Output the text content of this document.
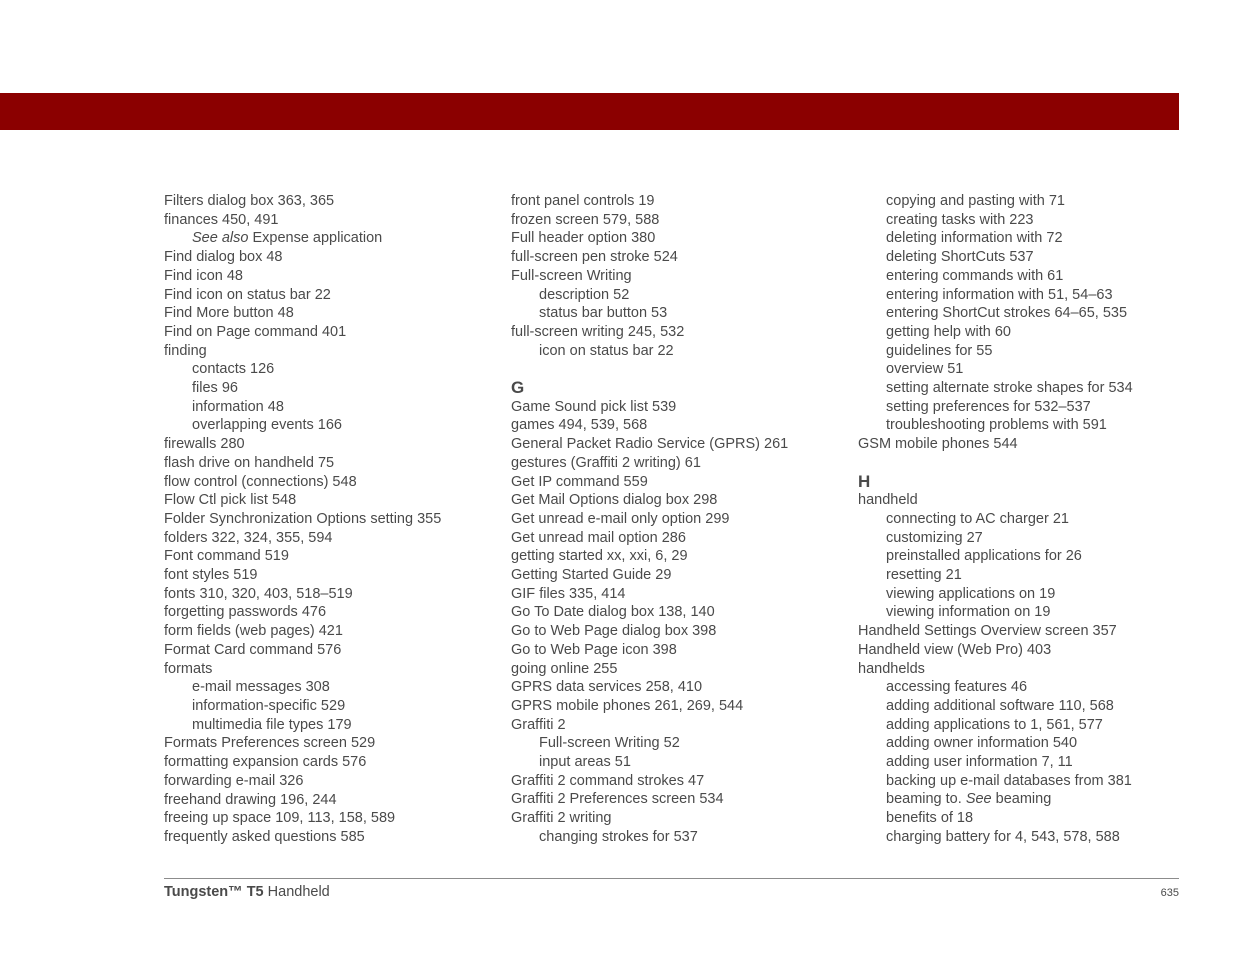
Filters dialog box 363, 365
finances 450, 491
See also Expense application
Find dialog box 48
Find icon 48
Find icon on status bar 22
Find More button 48
Find on Page command 401
finding
contacts 126
files 96
information 48
overlapping events 166
firewalls 280
flash drive on handheld 75
flow control (connections) 548
Flow Ctl pick list 548
Folder Synchronization Options setting 355
folders 322, 324, 355, 594
Font command 519
font styles 519
fonts 310, 320, 403, 518–519
forgetting passwords 476
form fields (web pages) 421
Format Card command 576
formats
e-mail messages 308
information-specific 529
multimedia file types 179
Formats Preferences screen 529
formatting expansion cards 576
forwarding e-mail 326
freehand drawing 196, 244
freeing up space 109, 113, 158, 589
frequently asked questions 585
front panel controls 19
frozen screen 579, 588
Full header option 380
full-screen pen stroke 524
Full-screen Writing
description 52
status bar button 53
full-screen writing 245, 532
icon on status bar 22
G
Game Sound pick list 539
games 494, 539, 568
General Packet Radio Service (GPRS) 261
gestures (Graffiti 2 writing) 61
Get IP command 559
Get Mail Options dialog box 298
Get unread e-mail only option 299
Get unread mail option 286
getting started xx, xxi, 6, 29
Getting Started Guide 29
GIF files 335, 414
Go To Date dialog box 138, 140
Go to Web Page dialog box 398
Go to Web Page icon 398
going online 255
GPRS data services 258, 410
GPRS mobile phones 261, 269, 544
Graffiti 2
Full-screen Writing 52
input areas 51
Graffiti 2 command strokes 47
Graffiti 2 Preferences screen 534
Graffiti 2 writing
changing strokes for 537
copying and pasting with 71
creating tasks with 223
deleting information with 72
deleting ShortCuts 537
entering commands with 61
entering information with 51, 54–63
entering ShortCut strokes 64–65, 535
getting help with 60
guidelines for 55
overview 51
setting alternate stroke shapes for 534
setting preferences for 532–537
troubleshooting problems with 591
GSM mobile phones 544
H
handheld
connecting to AC charger 21
customizing 27
preinstalled applications for 26
resetting 21
viewing applications on 19
viewing information on 19
Handheld Settings Overview screen 357
Handheld view (Web Pro) 403
handhelds
accessing features 46
adding additional software 110, 568
adding applications to 1, 561, 577
adding owner information 540
adding user information 7, 11
backing up e-mail databases from 381
beaming to. See beaming
benefits of 18
charging battery for 4, 543, 578, 588
Tungsten™ T5 Handheld	635
